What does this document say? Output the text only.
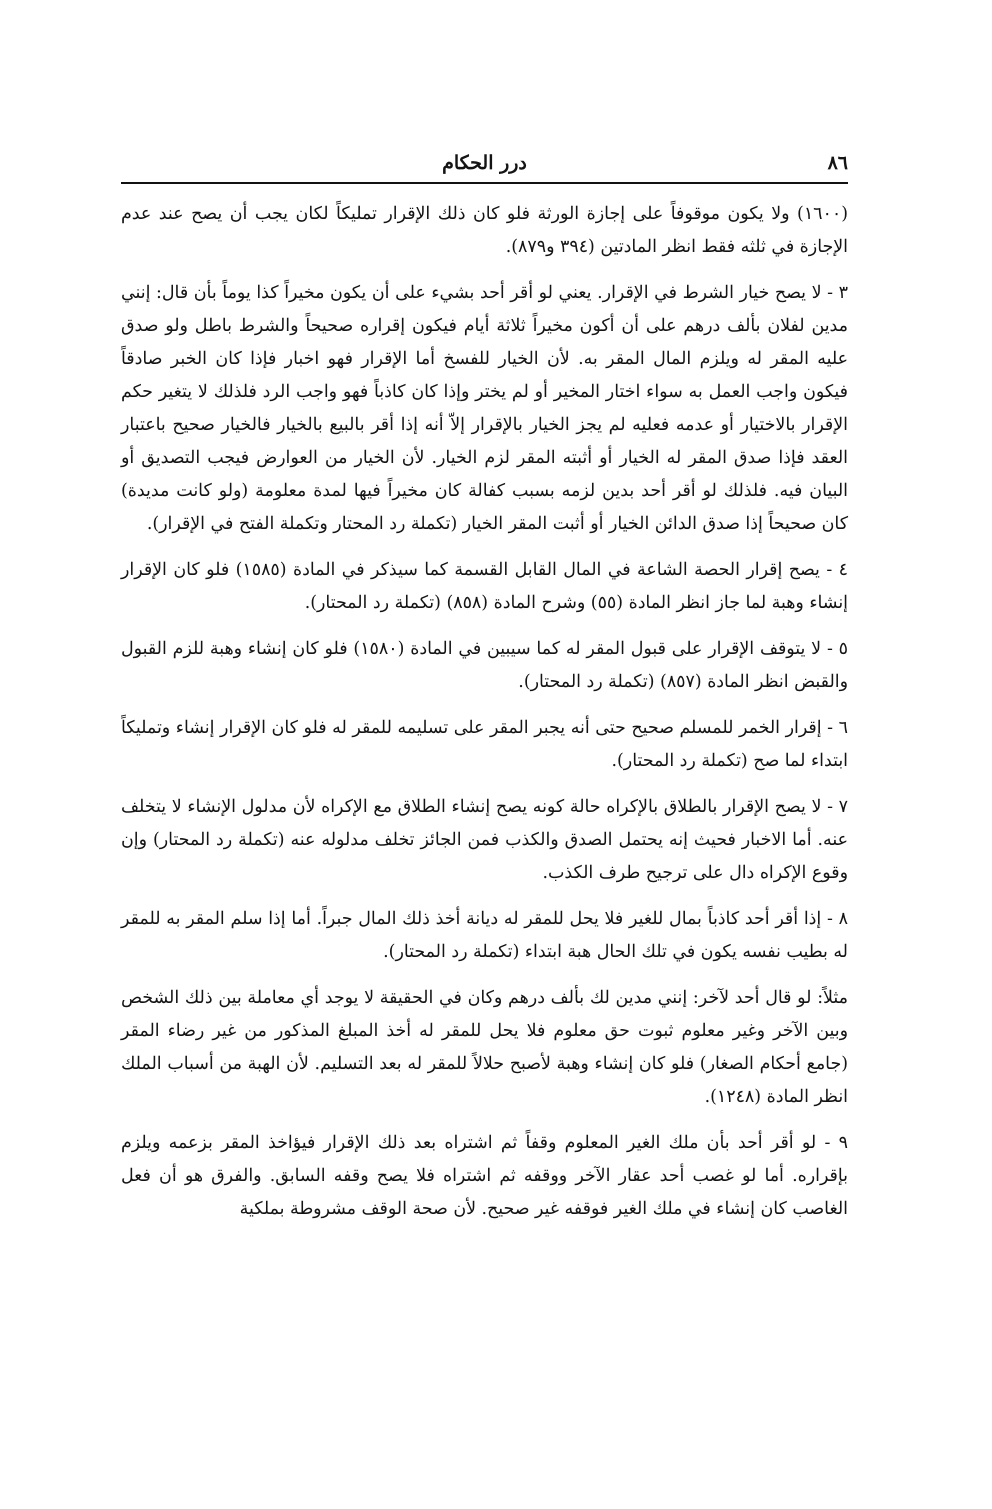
٨٦
درر الحكام

(١٦٠٠) ولا يكون موقوفاً على إجازة الورثة فلو كان ذلك الإقرار تمليكاً لكان يجب أن يصح عند عدم الإجازة في ثلثه فقط انظر المادتين (٣٩٤ و٨٧٩).

٣ - لا يصح خيار الشرط في الإقرار. يعني لو أقر أحد بشيء على أن يكون مخيراً كذا يوماً بأن قال: إنني مدين لفلان بألف درهم على أن أكون مخيراً ثلاثة أيام فيكون إقراره صحيحاً والشرط باطل ولو صدق عليه المقر له ويلزم المال المقر به. لأن الخيار للفسخ أما الإقرار فهو اخبار فإذا كان الخبر صادقاً فيكون واجب العمل به سواء اختار المخير أو لم يختر وإذا كان كاذباً فهو واجب الرد فلذلك لا يتغير حكم الإقرار بالاختيار أو عدمه فعليه لم يجز الخيار بالإقرار إلاّ أنه إذا أقر بالبيع بالخيار فالخيار صحيح باعتبار العقد فإذا صدق المقر له الخيار أو أثبته المقر لزم الخيار. لأن الخيار من العوارض فيجب التصديق أو البيان فيه. فلذلك لو أقر أحد بدين لزمه بسبب كفالة كان مخيراً فيها لمدة معلومة (ولو كانت مديدة) كان صحيحاً إذا صدق الدائن الخيار أو أثبت المقر الخيار (تكملة رد المحتار وتكملة الفتح في الإقرار).

٤ - يصح إقرار الحصة الشاعة في المال القابل القسمة كما سيذكر في المادة (١٥٨٥) فلو كان الإقرار إنشاء وهبة لما جاز انظر المادة (٥٥) وشرح المادة (٨٥٨) (تكملة رد المحتار).

٥ - لا يتوقف الإقرار على قبول المقر له كما سيبين في المادة (١٥٨٠) فلو كان إنشاء وهبة للزم القبول والقبض انظر المادة (٨٥٧) (تكملة رد المحتار).

٦ - إقرار الخمر للمسلم صحيح حتى أنه يجبر المقر على تسليمه للمقر له فلو كان الإقرار إنشاء وتمليكاً ابتداء لما صح (تكملة رد المحتار).

٧ - لا يصح الإقرار بالطلاق بالإكراه حالة كونه يصح إنشاء الطلاق مع الإكراه لأن مدلول الإنشاء لا يتخلف عنه. أما الاخبار فحيث إنه يحتمل الصدق والكذب فمن الجائز تخلف مدلوله عنه (تكملة رد المحتار) وإن وقوع الإكراه دال على ترجيح طرف الكذب.

٨ - إذا أقر أحد كاذباً بمال للغير فلا يحل للمقر له ديانة أخذ ذلك المال جبراً. أما إذا سلم المقر به للمقر له بطيب نفسه يكون في تلك الحال هبة ابتداء (تكملة رد المحتار).

مثلاً: لو قال أحد لآخر: إنني مدين لك بألف درهم وكان في الحقيقة لا يوجد أي معاملة بين ذلك الشخص وبين الآخر وغير معلوم ثبوت حق معلوم فلا يحل للمقر له أخذ المبلغ المذكور من غير رضاء المقر (جامع أحكام الصغار) فلو كان إنشاء وهبة لأصبح حلالاً للمقر له بعد التسليم. لأن الهبة من أسباب الملك انظر المادة (١٢٤٨).

٩ - لو أقر أحد بأن ملك الغير المعلوم وقفاً ثم اشتراه بعد ذلك الإقرار فيؤاخذ المقر بزعمه ويلزم بإقراره. أما لو غصب أحد عقار الآخر ووقفه ثم اشتراه فلا يصح وقفه السابق. والفرق هو أن فعل الغاصب كان إنشاء في ملك الغير فوقفه غير صحيح. لأن صحة الوقف مشروطة بملكية
